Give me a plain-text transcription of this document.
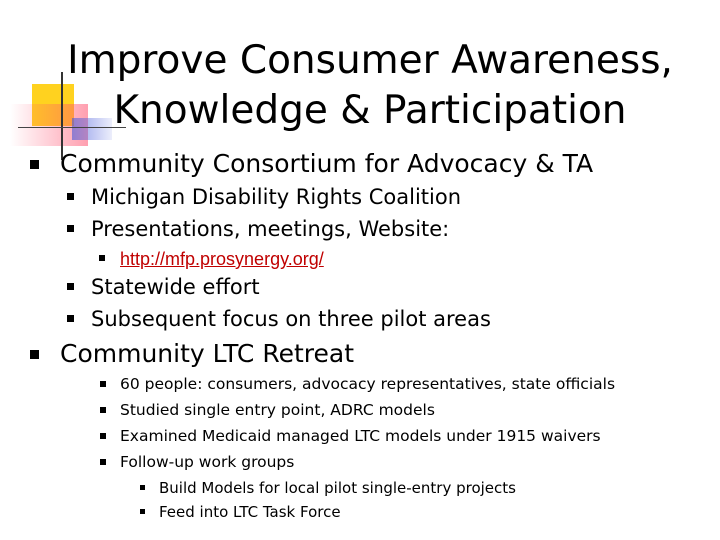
Improve Consumer Awareness,
Knowledge & Participation
Community Consortium for Advocacy & TA
Michigan Disability Rights Coalition
Presentations, meetings, Website:
http://mfp.prosynergy.org/
Statewide effort
Subsequent focus on three pilot areas
Community LTC Retreat
60 people: consumers, advocacy representatives, state officials
Studied single entry point, ADRC models
Examined Medicaid managed LTC models under 1915 waivers
Follow-up work groups
Build Models for local pilot single-entry projects
Feed into LTC Task Force
